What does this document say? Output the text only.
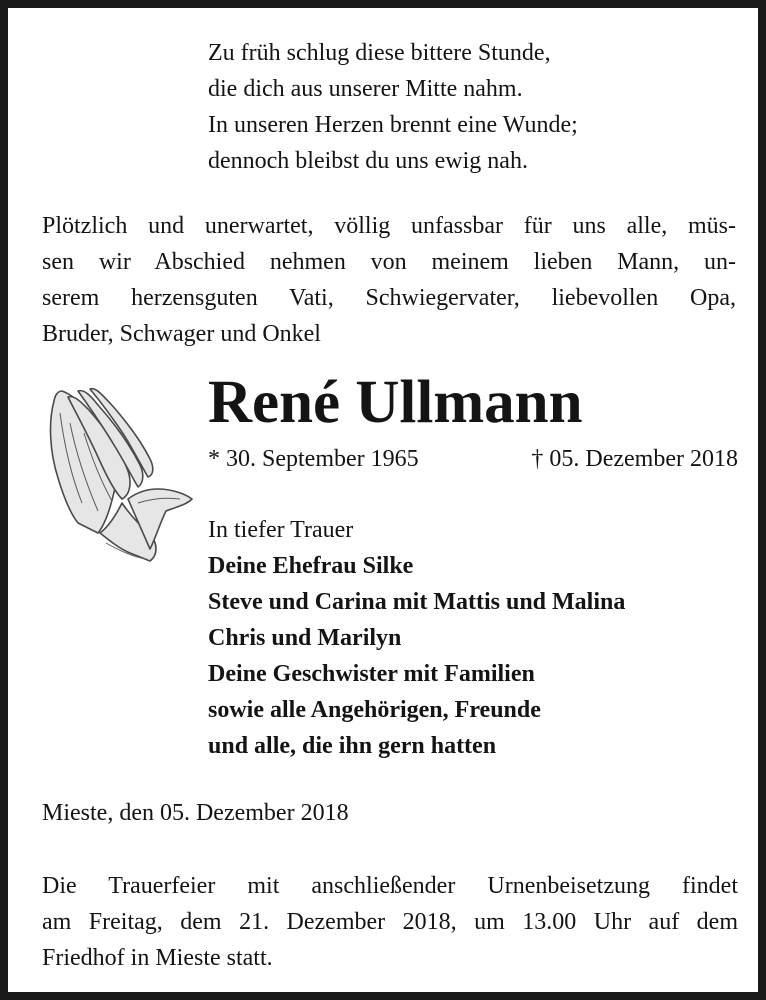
Zu früh schlug diese bittere Stunde,
die dich aus unserer Mitte nahm.
In unseren Herzen brennt eine Wunde;
dennoch bleibst du uns ewig nah.
Plötzlich und unerwartet, völlig unfassbar für uns alle, müs-
sen wir Abschied nehmen von meinem lieben Mann, un-
serem herzensguten Vati, Schwiegervater, liebevollen Opa,
Bruder, Schwager und Onkel
René Ullmann
* 30. September 1965	† 05. Dezember 2018
In tiefer Trauer
Deine Ehefrau Silke
Steve und Carina mit Mattis und Malina
Chris und Marilyn
Deine Geschwister mit Familien
sowie alle Angehörigen, Freunde
und alle, die ihn gern hatten
Mieste, den 05. Dezember 2018
Die Trauerfeier mit anschließender Urnenbeisetzung findet
am Freitag, dem 21. Dezember 2018, um 13.00 Uhr auf dem
Friedhof in Mieste statt.
